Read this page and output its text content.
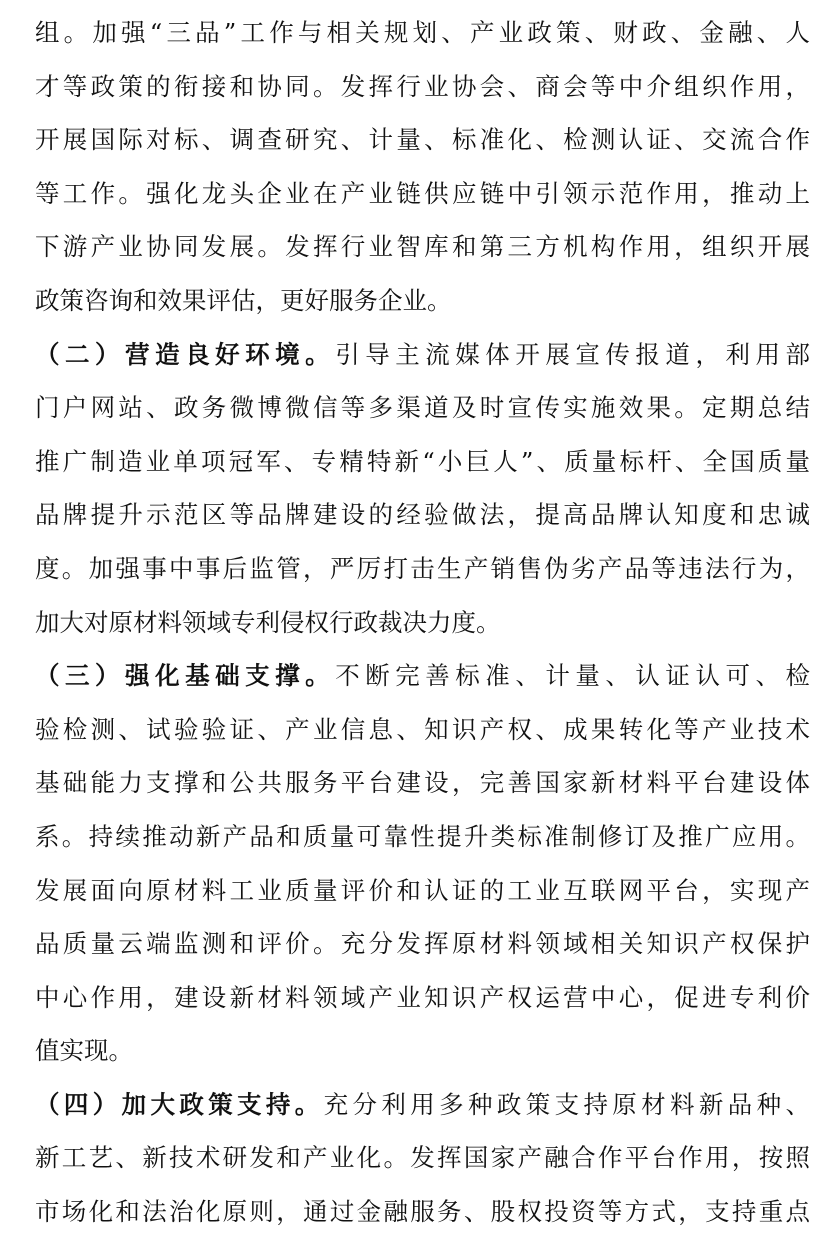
组。加强“三品”工作与相关规划、产业政策、财政、金融、人
才等政策的衔接和协同。发挥行业协会、商会等中介组织作用，
开展国际对标、调查研究、计量、标准化、检测认证、交流合作
等工作。强化龙头企业在产业链供应链中引领示范作用，推动上
下游产业协同发展。发挥行业智库和第三方机构作用，组织开展
政策咨询和效果评估，更好服务企业。
（二）营造良好环境。引导主流媒体开展宣传报道，利用部
门户网站、政务微博微信等多渠道及时宣传实施效果。定期总结
推广制造业单项冠军、专精特新“小巨人”、质量标杆、全国质量
品牌提升示范区等品牌建设的经验做法，提高品牌认知度和忠诚
度。加强事中事后监管，严厉打击生产销售伪劣产品等违法行为，
加大对原材料领域专利侵权行政裁决力度。
（三）强化基础支撑。不断完善标准、计量、认证认可、检
验检测、试验验证、产业信息、知识产权、成果转化等产业技术
基础能力支撑和公共服务平台建设，完善国家新材料平台建设体
系。持续推动新产品和质量可靠性提升类标准制修订及推广应用。
发展面向原材料工业质量评价和认证的工业互联网平台，实现产
品质量云端监测和评价。充分发挥原材料领域相关知识产权保护
中心作用，建设新材料领域产业知识产权运营中心，促进专利价
值实现。
（四）加大政策支持。充分利用多种政策支持原材料新品种、
新工艺、新技术研发和产业化。发挥国家产融合作平台作用，按照
市场化和法治化原则，通过金融服务、股权投资等方式，支持重点
